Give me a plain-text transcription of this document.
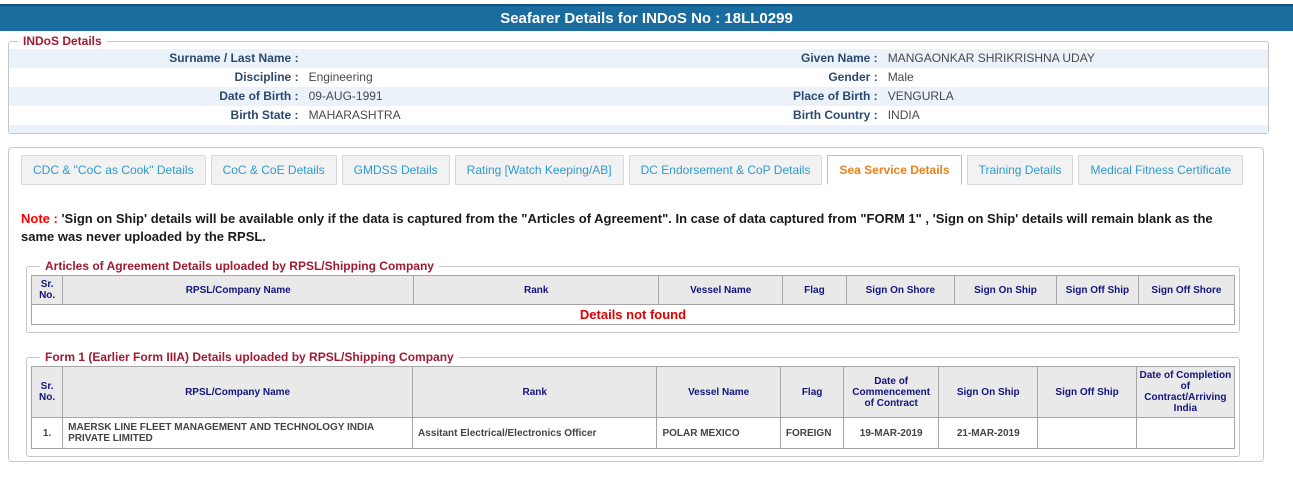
Seafarer Details for INDoS No : 18LL0299
INDoS Details
Surname / Last Name :	Given Name : MANGAONKAR SHRIKRISHNA UDAY
Discipline : Engineering	Gender : Male
Date of Birth : 09-AUG-1991	Place of Birth : VENGURLA
Birth State : MAHARASHTRA	Birth Country : INDIA
CDC & "CoC as Cook" Details	CoC & CoE Details	GMDSS Details	Rating [Watch Keeping/AB]	DC Endorsement & CoP Details	Sea Service Details	Training Details	Medical Fitness Certificate

Note : 'Sign on Ship' details will be available only if the data is captured from the "Articles of Agreement". In case of data captured from "FORM 1" , 'Sign on Ship' details will remain blank as the same was never uploaded by the RPSL.

Articles of Agreement Details uploaded by RPSL/Shipping Company
Sr. No.	RPSL/Company Name	Rank	Vessel Name	Flag	Sign On Shore	Sign On Ship	Sign Off Ship	Sign Off Shore
Details not found
Form 1 (Earlier Form IIIA) Details uploaded by RPSL/Shipping Company
Sr. No.	RPSL/Company Name	Rank	Vessel Name	Flag	Date of Commencement of Contract	Sign On Ship	Sign Off Ship	Date of Completion of Contract/Arriving India
1.	MAERSK LINE FLEET MANAGEMENT AND TECHNOLOGY INDIA PRIVATE LIMITED	Assitant Electrical/Electronics Officer	POLAR MEXICO	FOREIGN	19-MAR-2019	21-MAR-2019		
